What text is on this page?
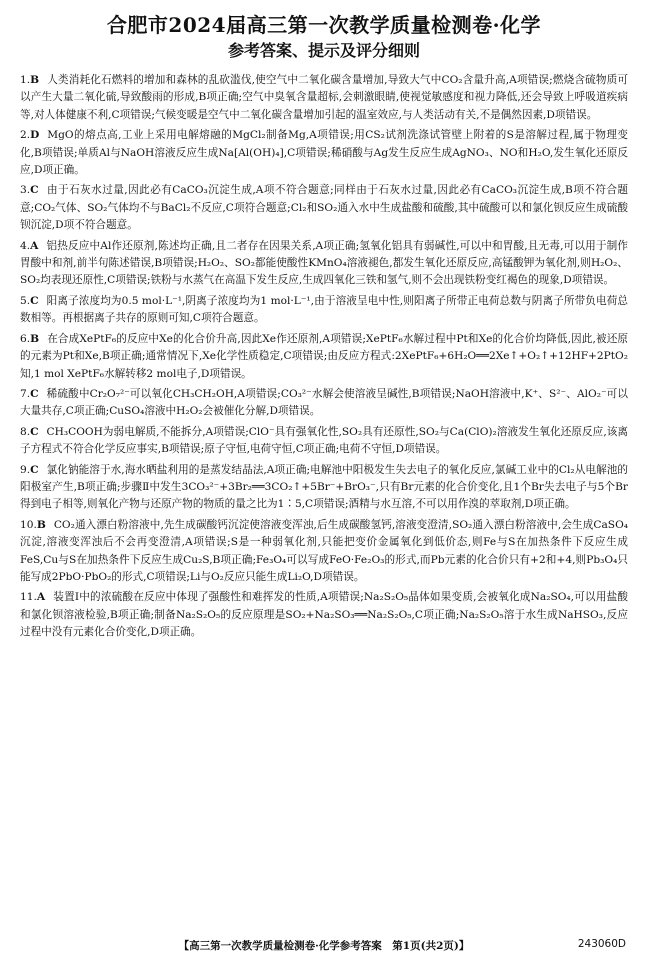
合肥市2024届高三第一次教学质量检测卷·化学
参考答案、提示及评分细则
1.B 人类消耗化石燃料的增加和森林的乱砍滥伐,使空气中二氧化碳含量增加,导致大气中CO₂含量升高,A项错误;燃烧含硫物质可以产生大量二氧化硫,导致酸雨的形成,B项正确;空气中臭氧含量超标,会刺激眼睛,使视觉敏感度和视力降低,还会导致上呼吸道疾病等,对人体健康不利,C项错误;气候变暖是空气中二氧化碳含量增加引起的温室效应,与人类活动有关,不是偶然因素,D项错误。
2.D MgO的熔点高,工业上采用电解熔融的MgCl₂制备Mg,A项错误;用CS₂试剂洗涤试管壁上附着的S是溶解过程,属于物理变化,B项错误;单质Al与NaOH溶液反应生成Na[Al(OH)₄],C项错误;稀硝酸与Ag发生反应生成AgNO₃、NO和H₂O,发生氧化还原反应,D项正确。
3.C 由于石灰水过量,因此必有CaCO₃沉淀生成,A项不符合题意;同样由于石灰水过量,因此必有CaCO₃沉淀生成,B项不符合题意;CO₂气体、SO₂气体均不与BaCl₂不反应,C项符合题意;Cl₂和SO₂通入水中生成盐酸和硫酸,其中硫酸可以和氯化钡反应生成硫酸钡沉淀,D项不符合题意。
4.A 铝热反应中Al作还原剂,陈述均正确,且二者存在因果关系,A项正确;氢氧化铝具有弱碱性,可以中和胃酸,且无毒,可以用于制作胃酸中和剂,前半句陈述错误,B项错误;H₂O₂、SO₂都能使酸性KMnO₄溶液褪色,都发生氧化还原反应,高锰酸钾为氧化剂,则H₂O₂、SO₂均表现还原性,C项错误;铁粉与水蒸气在高温下发生反应,生成四氧化三铁和氢气,则不会出现铁粉变红褐色的现象,D项错误。
5.C 阳离子浓度均为0.5 mol·L⁻¹,阴离子浓度均为1 mol·L⁻¹,由于溶液呈电中性,则阳离子所带正电荷总数与阴离子所带负电荷总数相等。再根据离子共存的原则可知,C项符合题意。
6.B 在合成XePtF₆的反应中Xe的化合价升高,因此Xe作还原剂,A项错误;XePtF₆水解过程中Pt和Xe的化合价均降低,因此,被还原的元素为Pt和Xe,B项正确;通常情况下,Xe化学性质稳定,C项错误;由反应方程式:2XePtF₆+6H₂O══2Xe↑+O₂↑+12HF+2PtO₂知,1 mol XePtF₆水解转移2 mol电子,D项错误。
7.C 稀硫酸中Cr₂O₇²⁻可以氧化CH₃CH₂OH,A项错误;CO₃²⁻水解会使溶液呈碱性,B项错误;NaOH溶液中,K⁺、S²⁻、AlO₂⁻可以大量共存,C项正确;CuSO₄溶液中H₂O₂会被催化分解,D项错误。
8.C CH₃COOH为弱电解质,不能拆分,A项错误;ClO⁻具有强氧化性,SO₂具有还原性,SO₂与Ca(ClO)₂溶液发生氧化还原反应,该离子方程式不符合化学反应事实,B项错误;原子守恒,电荷守恒,C项正确;电荷不守恒,D项错误。
9.C 氯化钠能溶于水,海水晒盐利用的是蒸发结晶法,A项正确;电解池中阳极发生失去电子的氧化反应,氯碱工业中的Cl₂从电解池的阳极室产生,B项正确;步骤Ⅱ中发生3CO₃²⁻+3Br₂══3CO₂↑+5Br⁻+BrO₃⁻,只有Br元素的化合价变化,且1个Br失去电子与5个Br得到电子相等,则氧化产物与还原产物的物质的量之比为1∶5,C项错误;酒精与水互溶,不可以用作溴的萃取剂,D项正确。
10.B CO₂通入漂白粉溶液中,先生成碳酸钙沉淀使溶液变浑浊,后生成碳酸氢钙,溶液变澄清,SO₂通入漂白粉溶液中,会生成CaSO₄沉淀,溶液变浑浊后不会再变澄清,A项错误;S是一种弱氧化剂,只能把变价金属氧化到低价态,则Fe与S在加热条件下反应生成FeS,Cu与S在加热条件下反应生成Cu₂S,B项正确;Fe₃O₄可以写成FeO·Fe₂O₃的形式,而Pb元素的化合价只有+2和+4,则Pb₃O₄只能写成2PbO·PbO₂的形式,C项错误;Li与O₂反应只能生成Li₂O,D项错误。
11.A 装置Ⅰ中的浓硫酸在反应中体现了强酸性和难挥发的性质,A项错误;Na₂S₂O₅晶体如果变质,会被氧化成Na₂SO₄,可以用盐酸和氯化钡溶液检验,B项正确;制备Na₂S₂O₅的反应原理是SO₂+Na₂SO₃══Na₂S₂O₅,C项正确;Na₂S₂O₅溶于水生成NaHSO₃,反应过程中没有元素化合价变化,D项正确。
【高三第一次教学质量检测卷·化学参考答案　第1页(共2页)】	243060D
